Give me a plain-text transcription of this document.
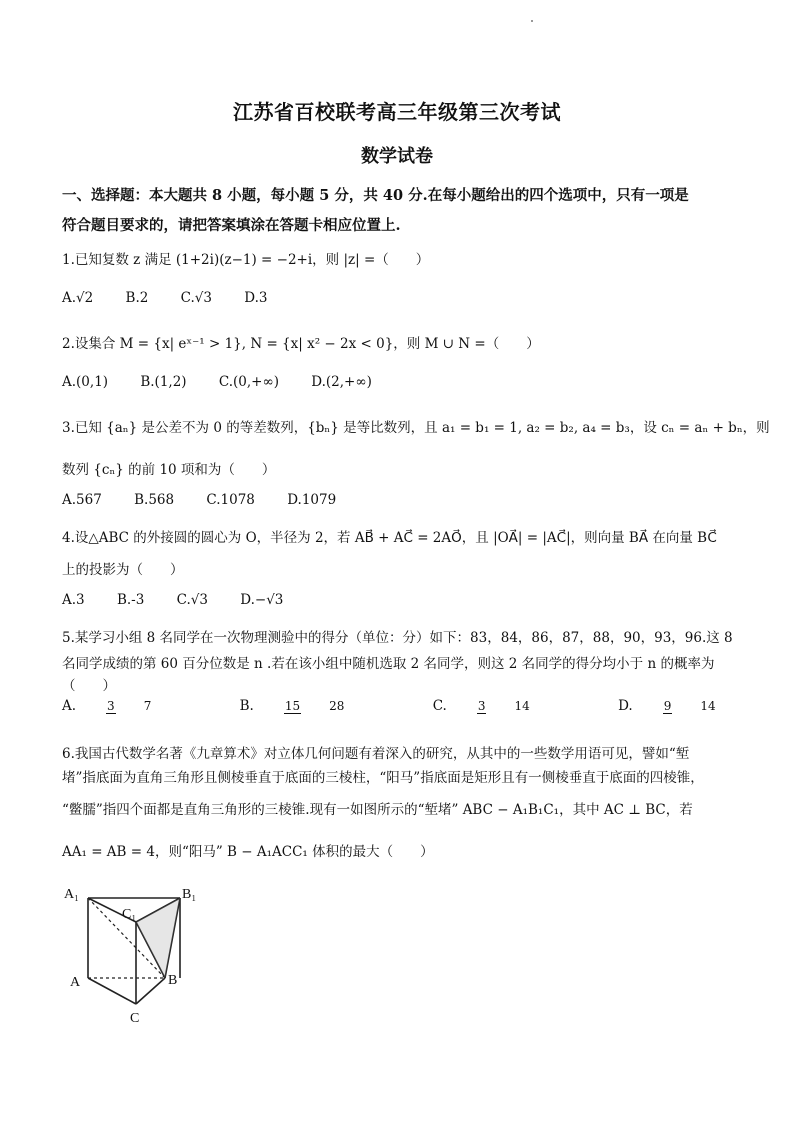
江苏省百校联考高三年级第三次考试
数学试卷
一、选择题：本大题共 8 小题，每小题 5 分，共 40 分.在每小题给出的四个选项中，只有一项是
符合题目要求的，请把答案填涂在答题卡相应位置上.
1.已知复数 z 满足 (1+2i)(z−1) = −2+i，则 |z| =（　　）
A.√2 B.2 C.√3 D.3
2.设集合 M = {x| eˣ⁻¹ > 1}, N = {x| x² − 2x < 0}，则 M ∪ N =（　　）
A.(0,1) B.(1,2) C.(0,+∞) D.(2,+∞)
3.已知 {aₙ} 是公差不为 0 的等差数列，{bₙ} 是等比数列，且 a₁ = b₁ = 1, a₂ = b₂, a₄ = b₃，设 cₙ = aₙ + bₙ，则
数列 {cₙ} 的前 10 项和为（　　）
A.567 B.568 C.1078 D.1079
4.设△ABC 的外接圆的圆心为 O，半径为 2，若 AB⃗ + AC⃗ = 2AO⃗，且 |OA⃗| = |AC⃗|，则向量 BA⃗ 在向量 BC⃗
上的投影为（　　）
A.3 B.-3 C.√3 D.−√3
5.某学习小组 8 名同学在一次物理测验中的得分（单位：分）如下：83，84，86，87，88，90，93，96.这 8
名同学成绩的第 60 百分位数是 n .若在该小组中随机选取 2 名同学，则这 2 名同学的得分均小于 n 的概率为
（　　）
A.	3 7	B.	15 28	C.	3 14	D.	9 14
6.我国古代数学名著《九章算术》对立体几何问题有着深入的研究，从其中的一些数学用语可见，譬如“堑
堵”指底面为直角三角形且侧棱垂直于底面的三棱柱，“阳马”指底面是矩形且有一侧棱垂直于底面的四棱锥，
“鳖臑”指四个面都是直角三角形的三棱锥.现有一如图所示的“堑堵” ABC − A₁B₁C₁，其中 AC ⊥ BC，若
AA₁ = AB = 4，则“阳马” B − A₁ACC₁ 体积的最大（　　）
A₁	B₁
C₁
A	B
C
